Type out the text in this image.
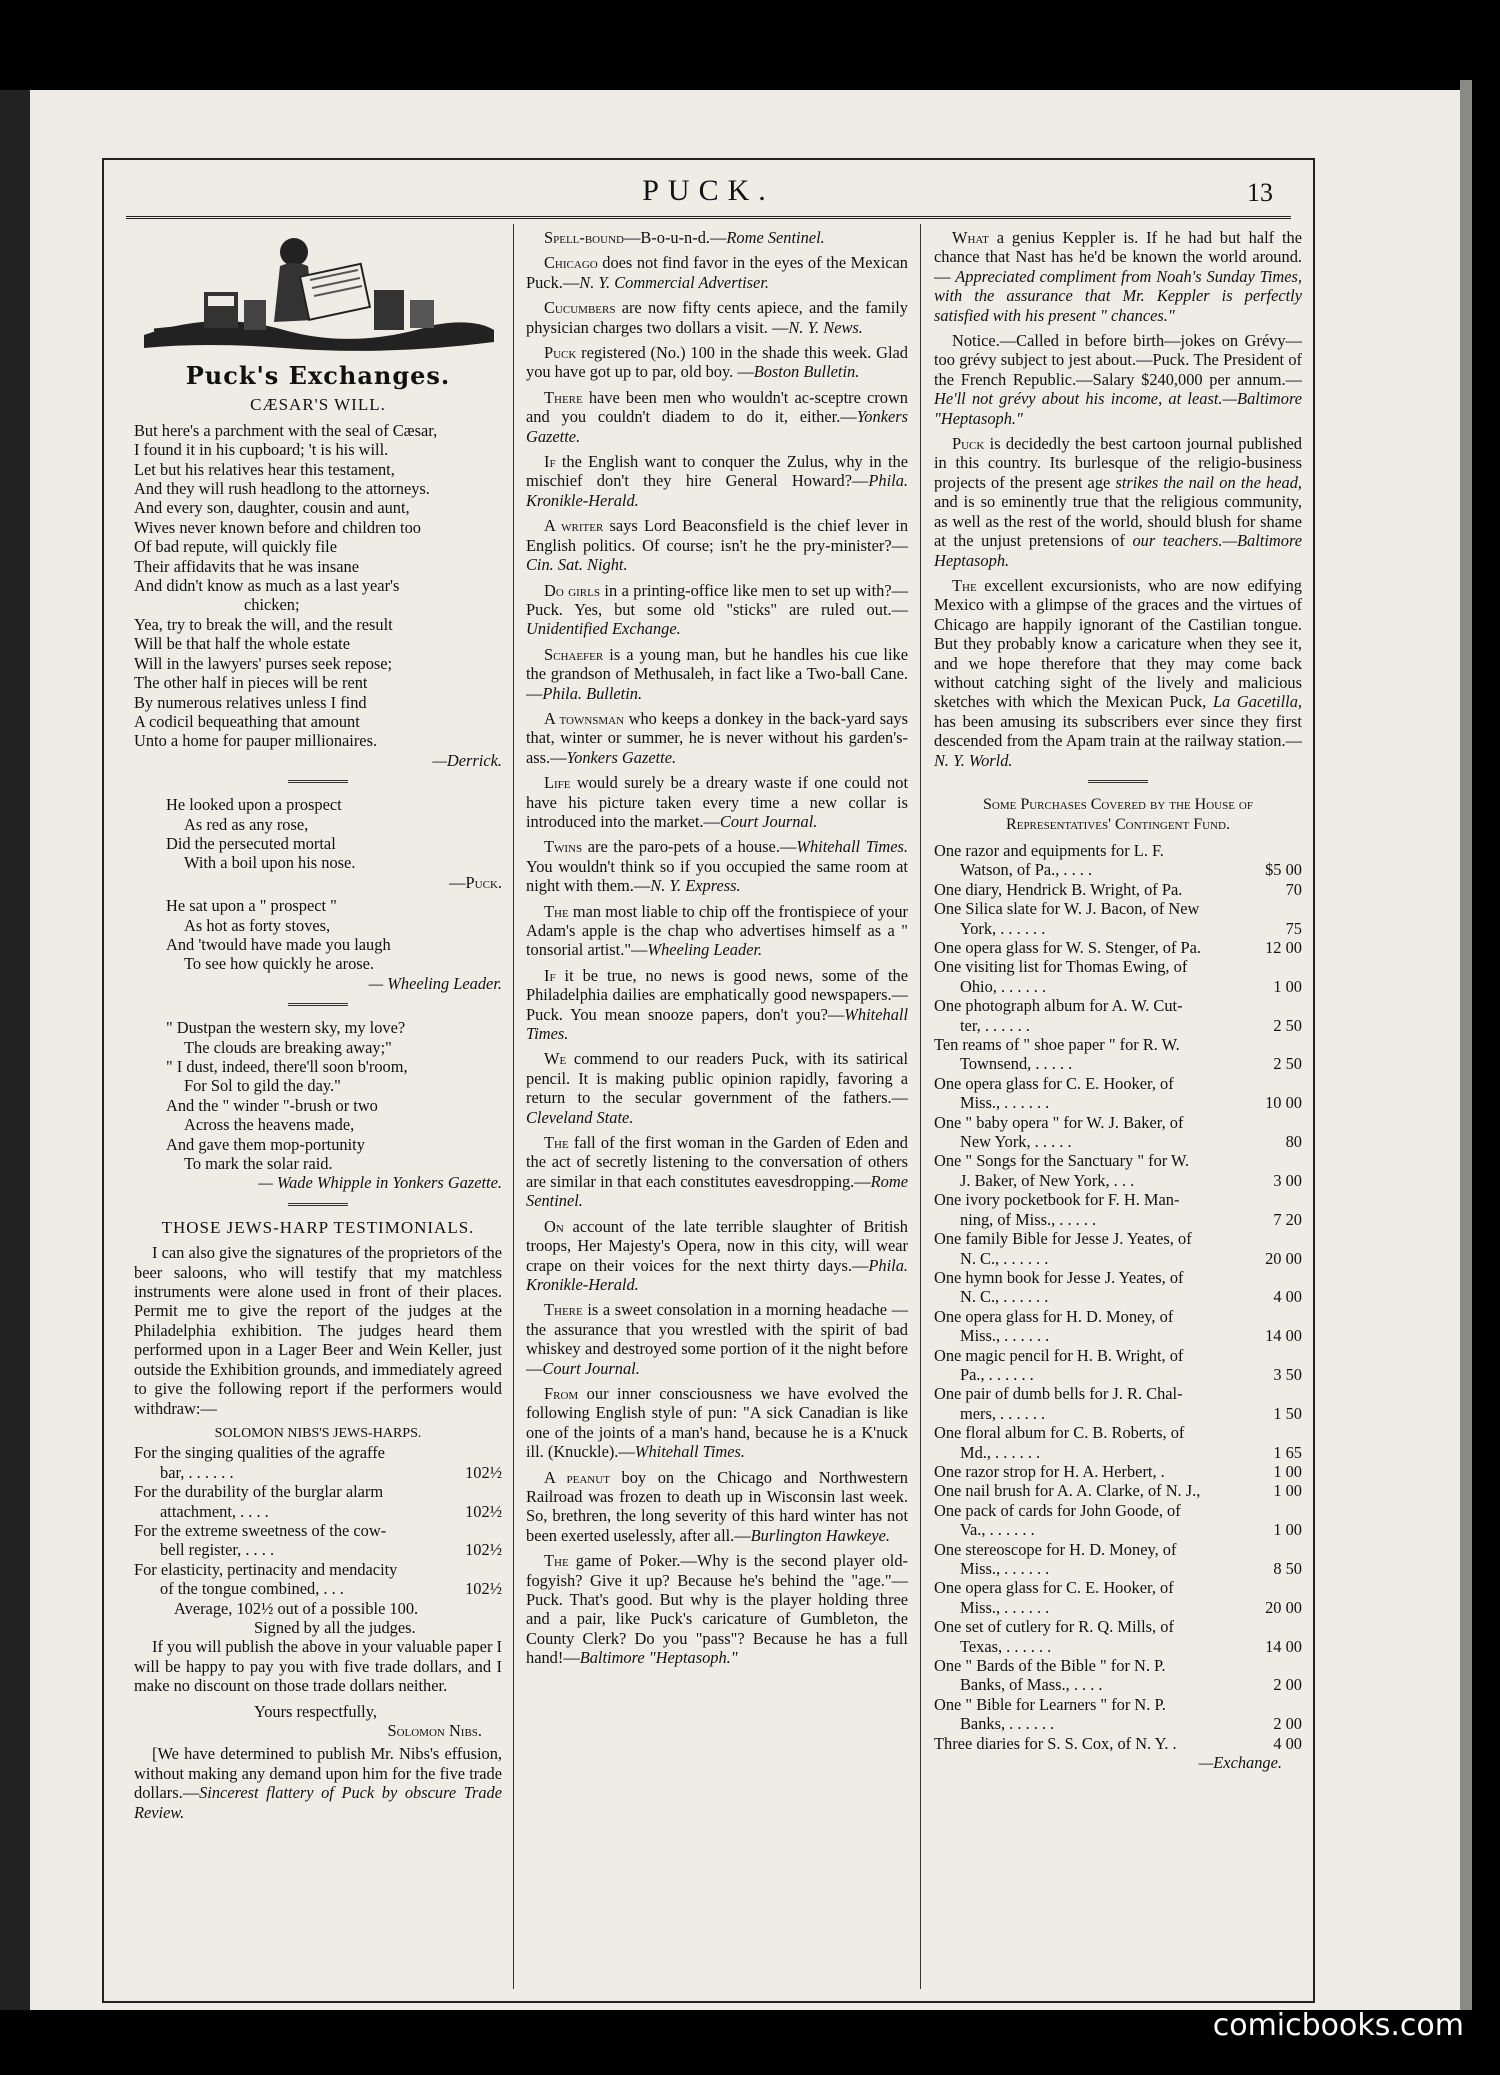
PUCK.	13
Puck's Exchanges.
CÆSAR'S WILL.
But here's a parchment with the seal of Cæsar,
I found it in his cupboard; 't is his will.
Let but his relatives hear this testament,
And they will rush headlong to the attorneys.
And every son, daughter, cousin and aunt,
Wives never known before and children too
Of bad repute, will quickly file
Their affidavits that he was insane
And didn't know as much as a last year's
chicken;
Yea, try to break the will, and the result
Will be that half the whole estate
Will in the lawyers' purses seek repose;
The other half in pieces will be rent
By numerous relatives unless I find
A codicil bequeathing that amount
Unto a home for pauper millionaires.
—Derrick.
He looked upon a prospect
As red as any rose,
Did the persecuted mortal
With a boil upon his nose.
—Puck.
He sat upon a " prospect "
As hot as forty stoves,
And 'twould have made you laugh
To see how quickly he arose.
— Wheeling Leader.
" Dustpan the western sky, my love?
The clouds are breaking away;"
" I dust, indeed, there'll soon b'room,
For Sol to gild the day."
And the " winder "-brush or two
Across the heavens made,
And gave them mop-portunity
To mark the solar raid.
— Wade Whipple in Yonkers Gazette.
THOSE JEWS-HARP TESTIMONIALS.

I can also give the signatures of the proprietors of the beer saloons, who will testify that my matchless instruments were alone used in front of their places. Permit me to give the report of the judges at the Philadelphia exhibition. The judges heard them performed upon in a Lager Beer and Wein Keller, just outside the Exhibition grounds, and immediately agreed to give the following report if the performers would withdraw:—

SOLOMON NIBS'S JEWS-HARPS.
For the singing qualities of the agraffe
bar, . . . . . .	102½
For the durability of the burglar alarm
attachment, . . . .	102½
For the extreme sweetness of the cow-
bell register, . . . .	102½
For elasticity, pertinacity and mendacity
of the tongue combined, . . .	102½
Average, 102½ out of a possible 100.
Signed by all the judges.

If you will publish the above in your valuable paper I will be happy to pay you with five trade dollars, and I make no discount on those trade dollars neither.

Yours respectfully,
Solomon Nibs.

[We have determined to publish Mr. Nibs's effusion, without making any demand upon him for the five trade dollars.—Sincerest flattery of Puck by obscure Trade Review.

Spell-bound—B-o-u-n-d.—Rome Sentinel.

Chicago does not find favor in the eyes of the Mexican Puck.—N. Y. Commercial Advertiser.

Cucumbers are now fifty cents apiece, and the family physician charges two dollars a visit. —N. Y. News.

Puck registered (No.) 100 in the shade this week. Glad you have got up to par, old boy. —Boston Bulletin.

There have been men who wouldn't ac-sceptre crown and you couldn't diadem to do it, either.—Yonkers Gazette.

If the English want to conquer the Zulus, why in the mischief don't they hire General Howard?—Phila. Kronikle-Herald.

A writer says Lord Beaconsfield is the chief lever in English politics. Of course; isn't he the pry-minister?—Cin. Sat. Night.

Do girls in a printing-office like men to set up with?—Puck. Yes, but some old "sticks" are ruled out.—Unidentified Exchange.

Schaefer is a young man, but he handles his cue like the grandson of Methusaleh, in fact like a Two-ball Cane.—Phila. Bulletin.

A townsman who keeps a donkey in the back-yard says that, winter or summer, he is never without his garden's-ass.—Yonkers Gazette.

Life would surely be a dreary waste if one could not have his picture taken every time a new collar is introduced into the market.—Court Journal.

Twins are the paro-pets of a house.—Whitehall Times. You wouldn't think so if you occupied the same room at night with them.—N. Y. Express.

The man most liable to chip off the frontispiece of your Adam's apple is the chap who advertises himself as a " tonsorial artist."—Wheeling Leader.

If it be true, no news is good news, some of the Philadelphia dailies are emphatically good newspapers.—Puck. You mean snooze papers, don't you?—Whitehall Times.

We commend to our readers Puck, with its satirical pencil. It is making public opinion rapidly, favoring a return to the secular government of the fathers.—Cleveland State.

The fall of the first woman in the Garden of Eden and the act of secretly listening to the conversation of others are similar in that each constitutes eavesdropping.—Rome Sentinel.

On account of the late terrible slaughter of British troops, Her Majesty's Opera, now in this city, will wear crape on their voices for the next thirty days.—Phila. Kronikle-Herald.

There is a sweet consolation in a morning headache — the assurance that you wrestled with the spirit of bad whiskey and destroyed some portion of it the night before —Court Journal.

From our inner consciousness we have evolved the following English style of pun: "A sick Canadian is like one of the joints of a man's hand, because he is a K'nuck ill. (Knuckle).—Whitehall Times.

A peanut boy on the Chicago and Northwestern Railroad was frozen to death up in Wisconsin last week. So, brethren, the long severity of this hard winter has not been exerted uselessly, after all.—Burlington Hawkeye.

The game of Poker.—Why is the second player old-fogyish? Give it up? Because he's behind the "age."—Puck. That's good. But why is the player holding three and a pair, like Puck's caricature of Gumbleton, the County Clerk? Do you "pass"? Because he has a full hand!—Baltimore "Heptasoph."

What a genius Keppler is. If he had but half the chance that Nast has he'd be known the world around. — Appreciated compliment from Noah's Sunday Times, with the assurance that Mr. Keppler is perfectly satisfied with his present " chances."

Notice.—Called in before birth—jokes on Grévy—too grévy subject to jest about.—Puck. The President of the French Republic.—Salary $240,000 per annum.—He'll not grévy about his income, at least.—Baltimore "Heptasoph."

Puck is decidedly the best cartoon journal published in this country. Its burlesque of the religio-business projects of the present age strikes the nail on the head, and is so eminently true that the religious community, as well as the rest of the world, should blush for shame at the unjust pretensions of our teachers.—Baltimore Heptasoph.

The excellent excursionists, who are now edifying Mexico with a glimpse of the graces and the virtues of Chicago are happily ignorant of the Castilian tongue. But they probably know a caricature when they see it, and we hope therefore that they may come back without catching sight of the lively and malicious sketches with which the Mexican Puck, La Gacetilla, has been amusing its subscribers ever since they first descended from the Apam train at the railway station.—N. Y. World.

Some Purchases Covered by the House of Representatives' Contingent Fund.
One razor and equipments for L. F.
Watson, of Pa., . . . .	$5 00
One diary, Hendrick B. Wright, of Pa.	70
One Silica slate for W. J. Bacon, of New
York, . . . . . .	75
One opera glass for W. S. Stenger, of Pa.	12 00
One visiting list for Thomas Ewing, of
Ohio, . . . . . .	1 00
One photograph album for A. W. Cut-
ter, . . . . . .	2 50
Ten reams of " shoe paper " for R. W.
Townsend, . . . . .	2 50
One opera glass for C. E. Hooker, of
Miss., . . . . . .	10 00
One " baby opera " for W. J. Baker, of
New York, . . . . .	80
One " Songs for the Sanctuary " for W.
J. Baker, of New York, . . .	3 00
One ivory pocketbook for F. H. Man-
ning, of Miss., . . . . .	7 20
One family Bible for Jesse J. Yeates, of
N. C., . . . . . .	20 00
One hymn book for Jesse J. Yeates, of
N. C., . . . . . .	4 00
One opera glass for H. D. Money, of
Miss., . . . . . .	14 00
One magic pencil for H. B. Wright, of
Pa., . . . . . .	3 50
One pair of dumb bells for J. R. Chal-
mers, . . . . . .	1 50
One floral album for C. B. Roberts, of
Md., . . . . . .	1 65
One razor strop for H. A. Herbert, .	1 00
One nail brush for A. A. Clarke, of N. J.,	1 00
One pack of cards for John Goode, of
Va., . . . . . .	1 00
One stereoscope for H. D. Money, of
Miss., . . . . . .	8 50
One opera glass for C. E. Hooker, of
Miss., . . . . . .	20 00
One set of cutlery for R. Q. Mills, of
Texas, . . . . . .	14 00
One " Bards of the Bible " for N. P.
Banks, of Mass., . . . .	2 00
One " Bible for Learners " for N. P.
Banks, . . . . . .	2 00
Three diaries for S. S. Cox, of N. Y. .	4 00
—Exchange.
comicbooks.com
